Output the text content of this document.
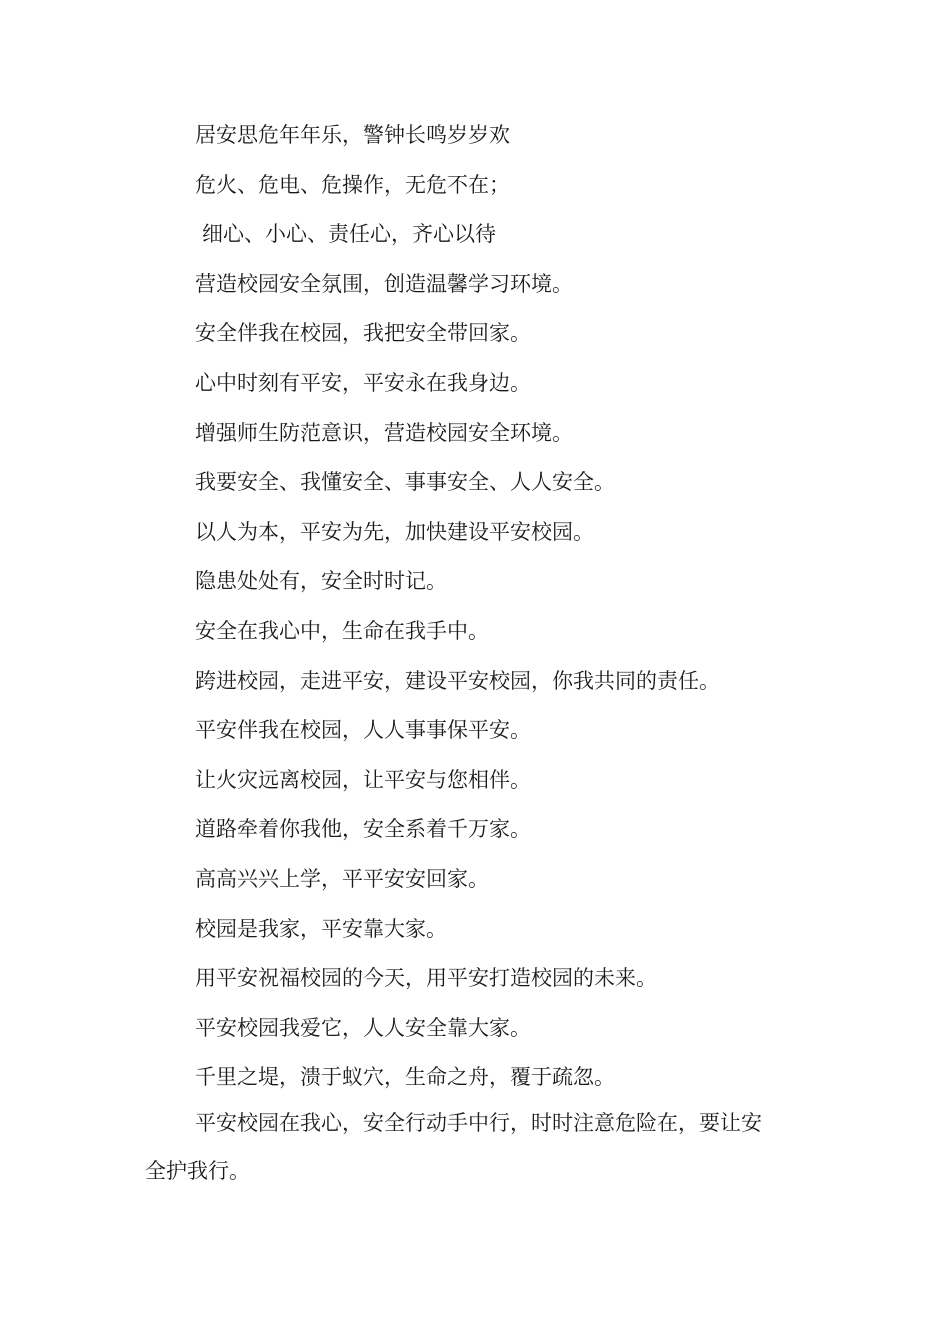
居安思危年年乐，警钟长鸣岁岁欢
危火、危电、危操作，无危不在；
细心、小心、责任心，齐心以待
营造校园安全氛围，创造温馨学习环境。
安全伴我在校园，我把安全带回家。
心中时刻有平安，平安永在我身边。
增强师生防范意识，营造校园安全环境。
我要安全、我懂安全、事事安全、人人安全。
以人为本，平安为先，加快建设平安校园。
隐患处处有，安全时时记。
安全在我心中，生命在我手中。
跨进校园，走进平安，建设平安校园，你我共同的责任。
平安伴我在校园，人人事事保平安。
让火灾远离校园，让平安与您相伴。
道路牵着你我他，安全系着千万家。
高高兴兴上学，平平安安回家。
校园是我家，平安靠大家。
用平安祝福校园的今天，用平安打造校园的未来。
平安校园我爱它，人人安全靠大家。
千里之堤，溃于蚁穴，生命之舟，覆于疏忽。
平安校园在我心，安全行动手中行，时时注意危险在，要让安
全护我行。
